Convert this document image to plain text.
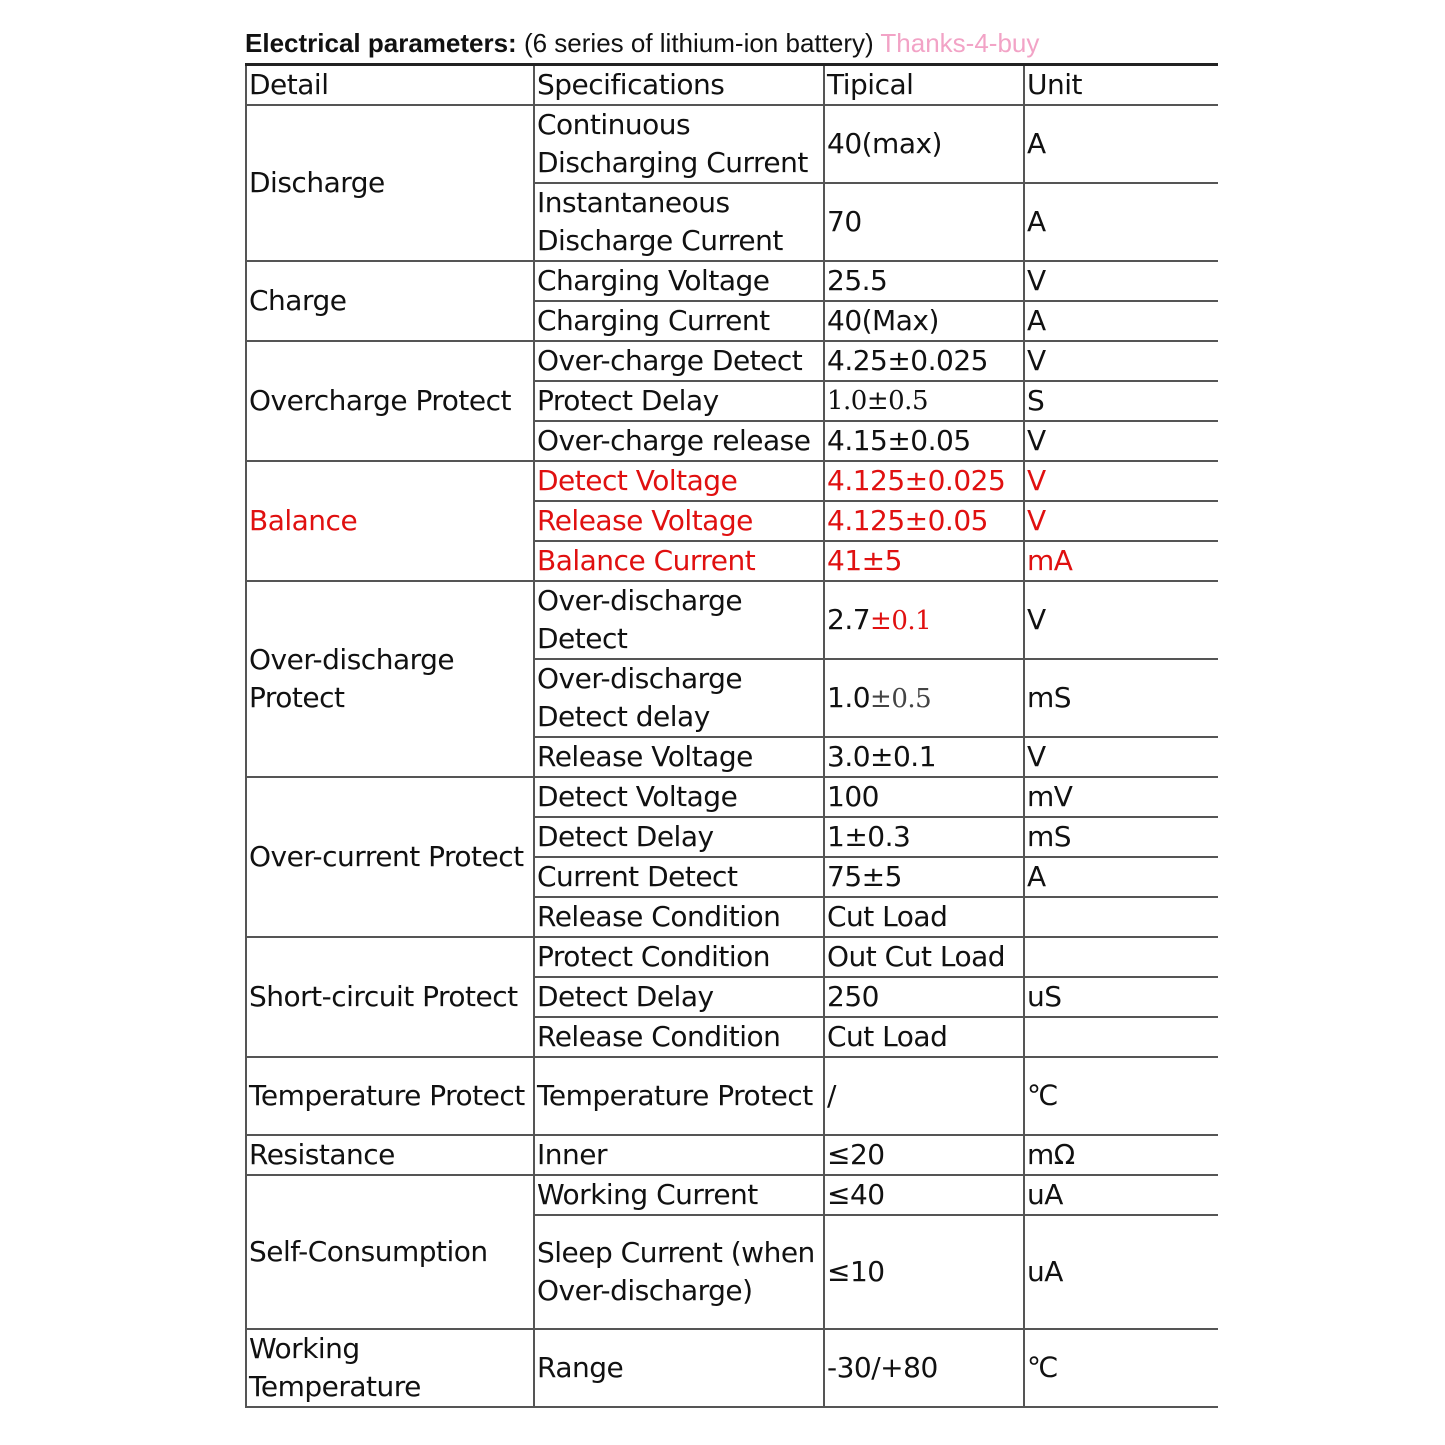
Electrical parameters: (6 series of lithium-ion battery) Thanks-4-buy
Detail	Specifications	Tipical	Unit
Discharge	Continuous Discharging Current	40(max)	A
	Instantaneous Discharge Current	70	A
Charge	Charging Voltage	25.5	V
	Charging Current	40(Max)	A
Overcharge Protect	Over-charge Detect	4.25±0.025	V
	Protect Delay	1.0±0.5	S
	Over-charge release	4.15±0.05	V
Balance	Detect Voltage	4.125±0.025	V
	Release Voltage	4.125±0.05	V
	Balance Current	41±5	mA
Over-discharge Protect	Over-discharge Detect	2.7±0.1	V
	Over-discharge Detect delay	1.0±0.5	mS
	Release Voltage	3.0±0.1	V
Over-current Protect	Detect Voltage	100	mV
	Detect Delay	1±0.3	mS
	Current Detect	75±5	A
	Release Condition	Cut Load	
Short-circuit Protect	Protect Condition	Out Cut Load	
	Detect Delay	250	uS
	Release Condition	Cut Load	
Temperature Protect	Temperature Protect	/	℃
Resistance	Inner	≤20	mΩ
Self-Consumption	Working Current	≤40	uA
	Sleep Current (when Over-discharge)	≤10	uA
Working Temperature	Range	-30/+80	℃
